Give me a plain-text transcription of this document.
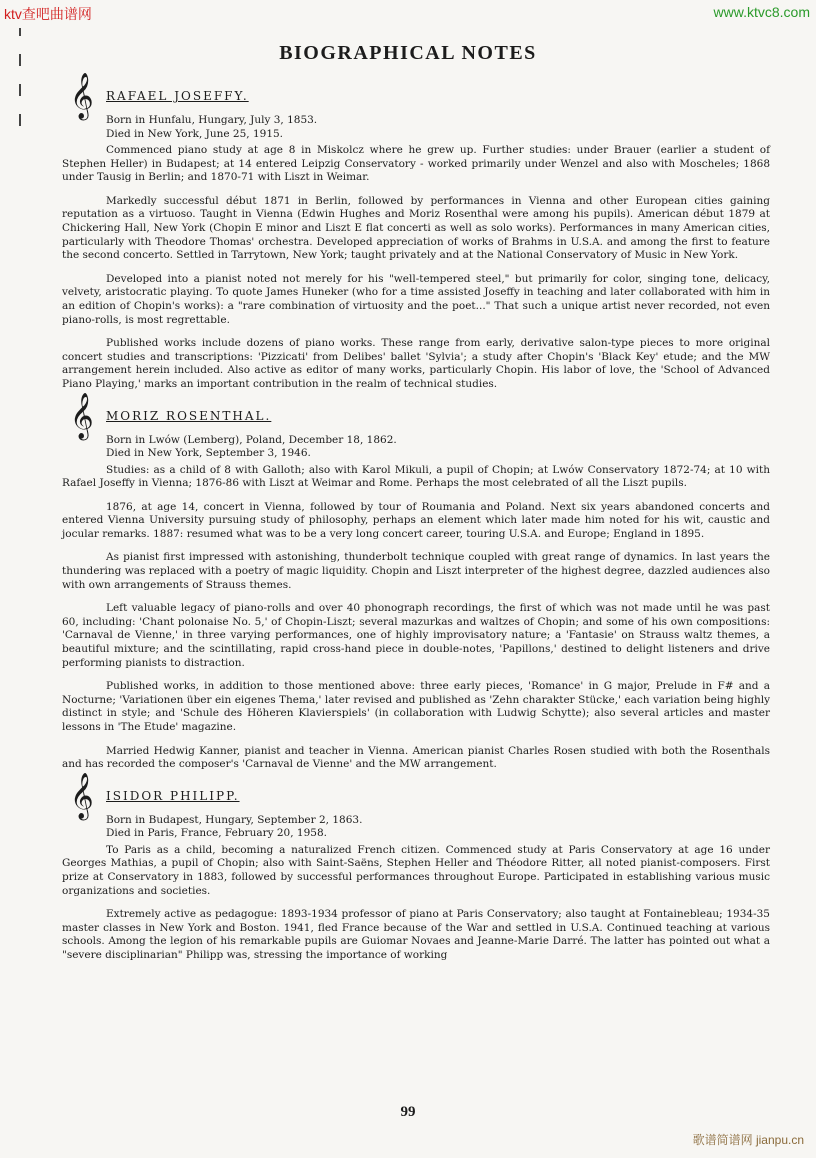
ktv查吧曲谱网	www.ktvc8.com
BIOGRAPHICAL NOTES
𝄞 RAFAEL JOSEFFY.
Born in Hunfalu, Hungary, July 3, 1853.
Died in New York, June 25, 1915.

Commenced piano study at age 8 in Miskolcz where he grew up. Further studies: under Brauer (earlier a student of Stephen Heller) in Budapest; at 14 entered Leipzig Conservatory - worked primarily under Wenzel and also with Moscheles; 1868 under Tausig in Berlin; and 1870-71 with Liszt in Weimar.

Markedly successful début 1871 in Berlin, followed by performances in Vienna and other European cities gaining reputation as a virtuoso. Taught in Vienna (Edwin Hughes and Moriz Rosenthal were among his pupils). American début 1879 at Chickering Hall, New York (Chopin E minor and Liszt E flat concerti as well as solo works). Performances in many American cities, particularly with Theodore Thomas' orchestra. Developed appreciation of works of Brahms in U.S.A. and among the first to feature the second concerto. Settled in Tarrytown, New York; taught privately and at the National Conservatory of Music in New York.

Developed into a pianist noted not merely for his "well-tempered steel," but primarily for color, singing tone, delicacy, velvety, aristocratic playing. To quote James Huneker (who for a time assisted Joseffy in teaching and later collaborated with him in an edition of Chopin's works): a "rare combination of virtuosity and the poet..." That such a unique artist never recorded, not even piano-rolls, is most regrettable.

Published works include dozens of piano works. These range from early, derivative salon-type pieces to more original concert studies and transcriptions: 'Pizzicati' from Delibes' ballet 'Sylvia'; a study after Chopin's 'Black Key' etude; and the MW arrangement herein included. Also active as editor of many works, particularly Chopin. His labor of love, the 'School of Advanced Piano Playing,' marks an important contribution in the realm of technical studies.

𝄞 MORIZ ROSENTHAL.
Born in Lwów (Lemberg), Poland, December 18, 1862.
Died in New York, September 3, 1946.

Studies: as a child of 8 with Galloth; also with Karol Mikuli, a pupil of Chopin; at Lwów Conservatory 1872-74; at 10 with Rafael Joseffy in Vienna; 1876-86 with Liszt at Weimar and Rome. Perhaps the most celebrated of all the Liszt pupils.

1876, at age 14, concert in Vienna, followed by tour of Roumania and Poland. Next six years abandoned concerts and entered Vienna University pursuing study of philosophy, perhaps an element which later made him noted for his wit, caustic and jocular remarks. 1887: resumed what was to be a very long concert career, touring U.S.A. and Europe; England in 1895.

As pianist first impressed with astonishing, thunderbolt technique coupled with great range of dynamics. In last years the thundering was replaced with a poetry of magic liquidity. Chopin and Liszt interpreter of the highest degree, dazzled audiences also with own arrangements of Strauss themes.

Left valuable legacy of piano-rolls and over 40 phonograph recordings, the first of which was not made until he was past 60, including: 'Chant polonaise No. 5,' of Chopin-Liszt; several mazurkas and waltzes of Chopin; and some of his own compositions: 'Carnaval de Vienne,' in three varying performances, one of highly improvisatory nature; a 'Fantasie' on Strauss waltz themes, a beautiful mixture; and the scintillating, rapid cross-hand piece in double-notes, 'Papillons,' destined to delight listeners and drive performing pianists to distraction.

Published works, in addition to those mentioned above: three early pieces, 'Romance' in G major, Prelude in F# and a Nocturne; 'Variationen über ein eigenes Thema,' later revised and published as 'Zehn charakter Stücke,' each variation being highly distinct in style; and 'Schule des Höheren Klavierspiels' (in collaboration with Ludwig Schytte); also several articles and master lessons in 'The Etude' magazine.

Married Hedwig Kanner, pianist and teacher in Vienna. American pianist Charles Rosen studied with both the Rosenthals and has recorded the composer's 'Carnaval de Vienne' and the MW arrangement.

𝄞 ISIDOR PHILIPP.
Born in Budapest, Hungary, September 2, 1863.
Died in Paris, France, February 20, 1958.

To Paris as a child, becoming a naturalized French citizen. Commenced study at Paris Conservatory at age 16 under Georges Mathias, a pupil of Chopin; also with Saint-Saëns, Stephen Heller and Théodore Ritter, all noted pianist-composers. First prize at Conservatory in 1883, followed by successful performances throughout Europe. Participated in establishing various music organizations and societies.

Extremely active as pedagogue: 1893-1934 professor of piano at Paris Conservatory; also taught at Fontainebleau; 1934-35 master classes in New York and Boston. 1941, fled France because of the War and settled in U.S.A. Continued teaching at various schools. Among the legion of his remarkable pupils are Guiomar Novaes and Jeanne-Marie Darré. The latter has pointed out what a "severe disciplinarian" Philipp was, stressing the importance of working

99
歌谱简谱网 jianpu.cn
